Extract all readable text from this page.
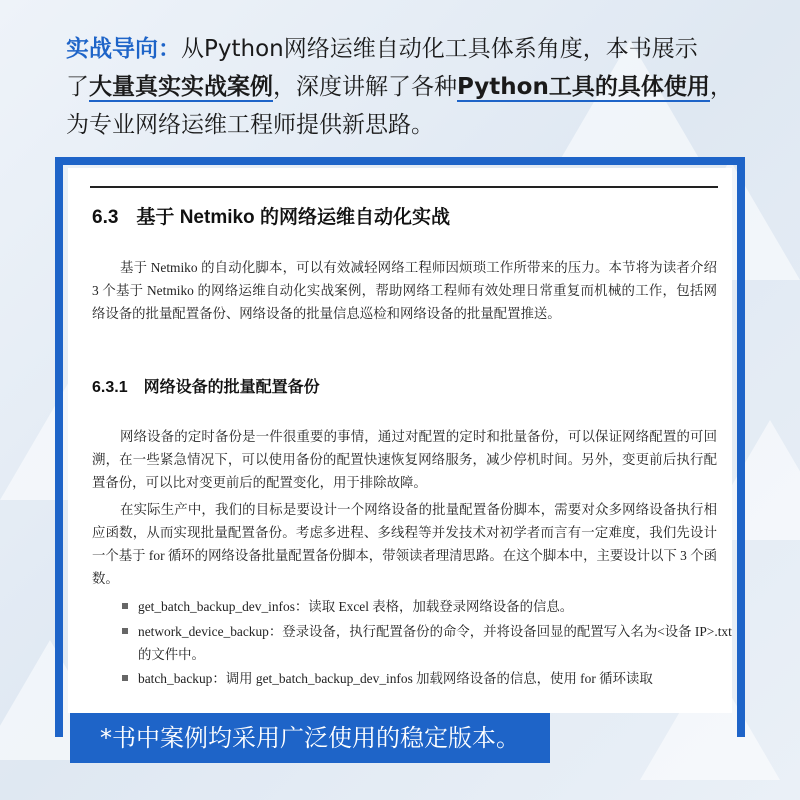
实战导向：从Python网络运维自动化工具体系角度，本书展示
了大量真实实战案例，深度讲解了各种Python工具的具体使用，
为专业网络运维工程师提供新思路。
6.3 基于 Netmiko 的网络运维自动化实战
基于 Netmiko 的自动化脚本，可以有效减轻网络工程师因烦琐工作所带来的压力。本节将为读者介绍 3 个基于 Netmiko 的网络运维自动化实战案例，帮助网络工程师有效处理日常重复而机械的工作，包括网络设备的批量配置备份、网络设备的批量信息巡检和网络设备的批量配置推送。
6.3.1 网络设备的批量配置备份
网络设备的定时备份是一件很重要的事情，通过对配置的定时和批量备份，可以保证网络配置的可回溯，在一些紧急情况下，可以使用备份的配置快速恢复网络服务，减少停机时间。另外，变更前后执行配置备份，可以比对变更前后的配置变化，用于排除故障。
在实际生产中，我们的目标是要设计一个网络设备的批量配置备份脚本，需要对众多网络设备执行相应函数，从而实现批量配置备份。考虑多进程、多线程等并发技术对初学者而言有一定难度，我们先设计一个基于 for 循环的网络设备批量配置备份脚本，带领读者理清思路。在这个脚本中，主要设计以下 3 个函数。
get_batch_backup_dev_infos：读取 Excel 表格，加载登录网络设备的信息。
network_device_backup：登录设备，执行配置备份的命令，并将设备回显的配置写入名为<设备 IP>.txt 的文件中。
batch_backup：调用 get_batch_backup_dev_infos 加载网络设备的信息，使用 for 循环读取
*书中案例均采用广泛使用的稳定版本。
